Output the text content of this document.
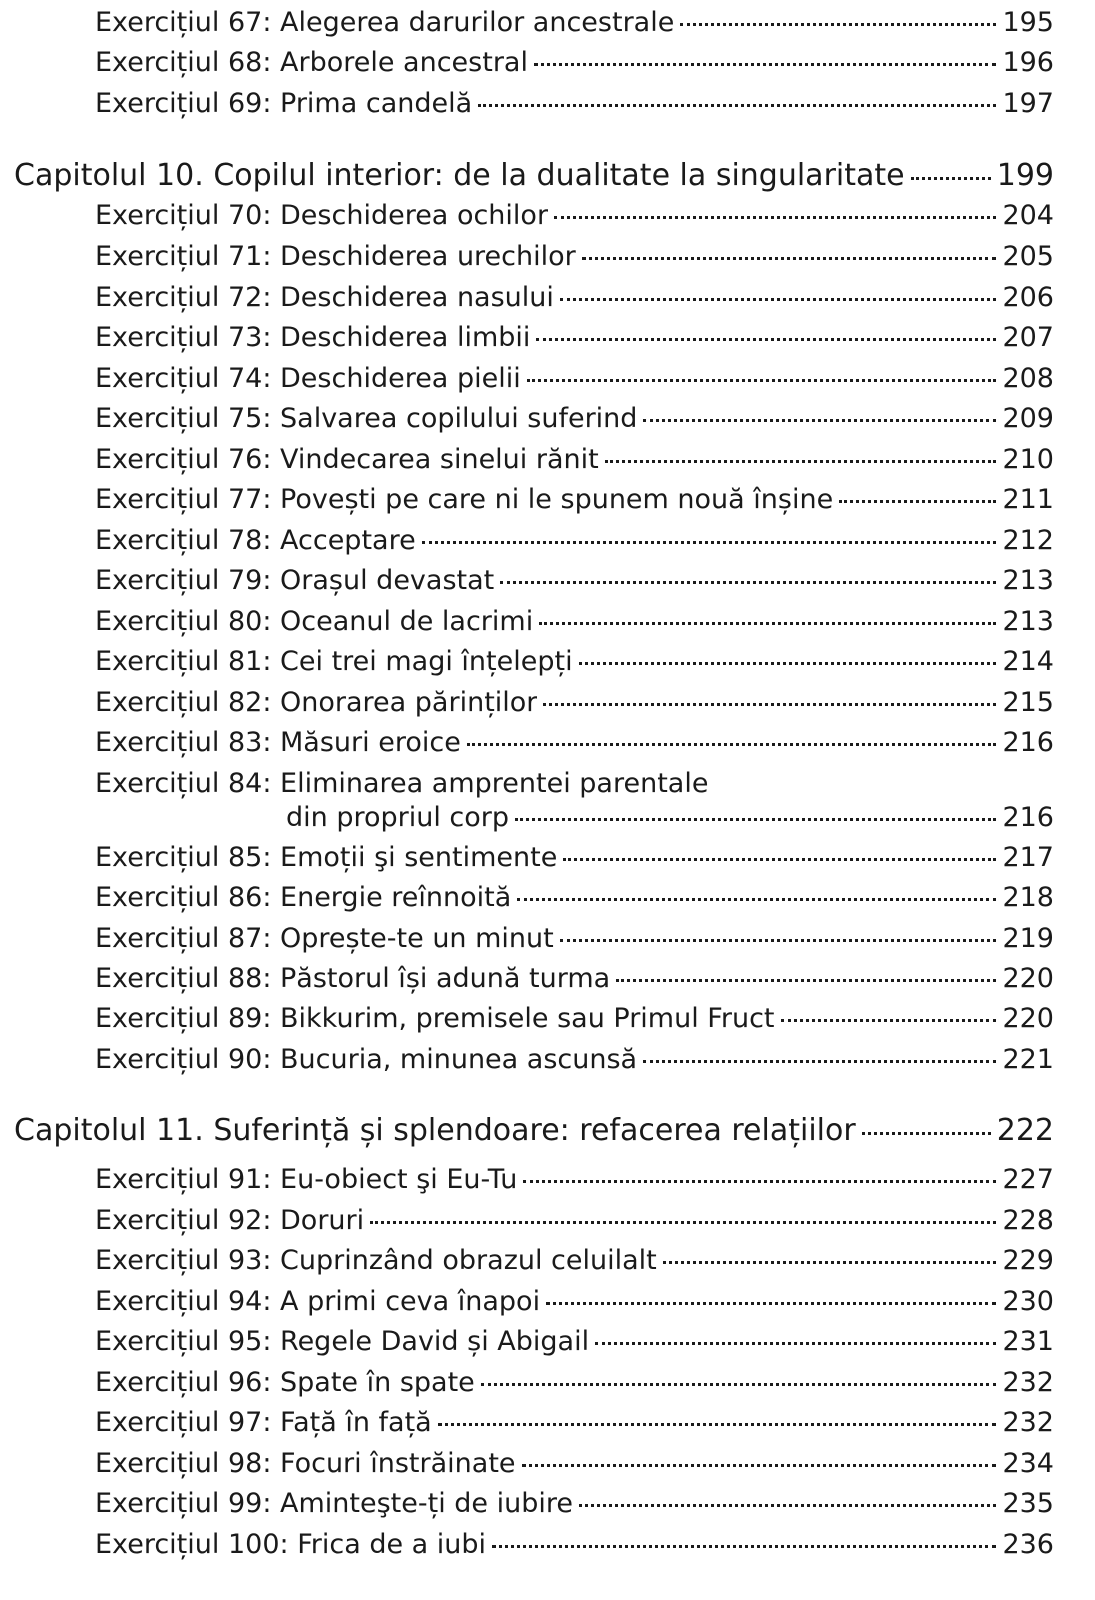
Exercițiul 67:
Alegerea darurilor ancestrale	195
Exercițiul 68:
Arborele ancestral	196
Exercițiul 69:
Prima candelă	197
Capitolul 10.
Copilul interior: de la dualitate la singularitate	199
Exercițiul 70:
Deschiderea ochilor	204
Exercițiul 71:
Deschiderea urechilor	205
Exercițiul 72:
Deschiderea nasului	206
Exercițiul 73:
Deschiderea limbii	207
Exercițiul 74:
Deschiderea pielii	208
Exercițiul 75:
Salvarea copilului suferind	209
Exercițiul 76:
Vindecarea sinelui rănit	210
Exercițiul 77:
Povești pe care ni le spunem nouă înșine	211
Exercițiul 78:
Acceptare	212
Exercițiul 79:
Orașul devastat	213
Exercițiul 80:
Oceanul de lacrimi	213
Exercițiul 81:
Cei trei magi înțelepți	214
Exercițiul 82:
Onorarea părinților	215
Exercițiul 83:
Măsuri eroice	216
Exercițiul 84:
Eliminarea amprentei parentale
din propriul corp	216
Exercițiul 85:
Emoții şi sentimente	217
Exercițiul 86:
Energie reînnoită	218
Exercițiul 87:
Oprește-te un minut	219
Exercițiul 88:
Păstorul își adună turma	220
Exercițiul 89:
Bikkurim, premisele sau Primul Fruct	220
Exercițiul 90:
Bucuria, minunea ascunsă	221
Capitolul 11.
Suferință și splendoare: refacerea relațiilor	222
Exercițiul 91:
Eu-obiect şi Eu-Tu	227
Exercițiul 92:
Doruri	228
Exercițiul 93:
Cuprinzând obrazul celuilalt	229
Exercițiul 94:
A primi ceva înapoi	230
Exercițiul 95:
Regele David și Abigail	231
Exercițiul 96:
Spate în spate	232
Exercițiul 97:
Față în față	232
Exercițiul 98:
Focuri înstrăinate	234
Exercițiul 99:
Aminteşte-ți de iubire	235
Exercițiul 100:
Frica de a iubi	236
